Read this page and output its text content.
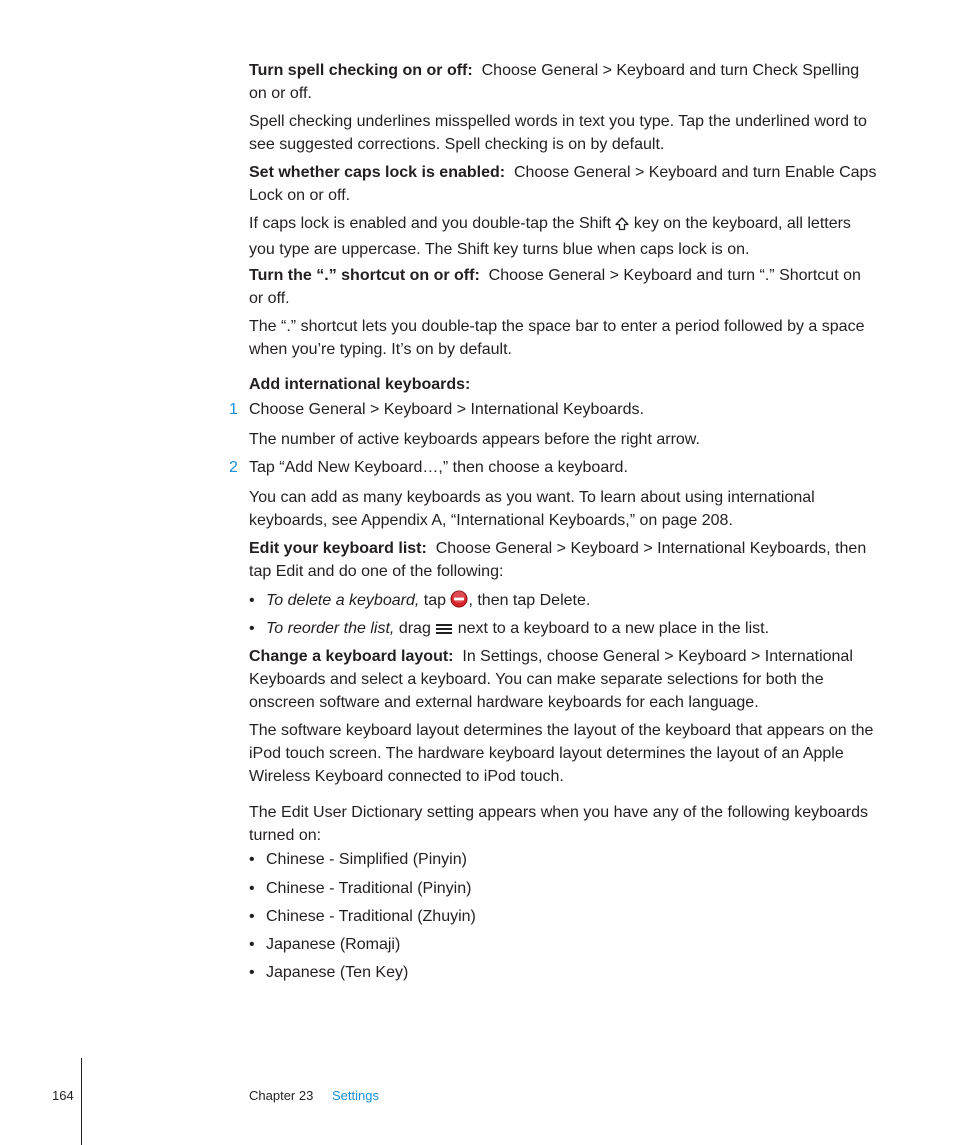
Turn spell checking on or off: Choose General > Keyboard and turn Check Spelling on or off.

Spell checking underlines misspelled words in text you type. Tap the underlined word to see suggested corrections. Spell checking is on by default.

Set whether caps lock is enabled: Choose General > Keyboard and turn Enable Caps Lock on or off.

If caps lock is enabled and you double-tap the Shift key on the keyboard, all letters you type are uppercase. The Shift key turns blue when caps lock is on.

Turn the “.” shortcut on or off: Choose General > Keyboard and turn “.” Shortcut on or off.

The “.” shortcut lets you double-tap the space bar to enter a period followed by a space when you’re typing. It’s on by default.

Add international keyboards:

1 Choose General > Keyboard > International Keyboards.

The number of active keyboards appears before the right arrow.

2 Tap “Add New Keyboard…,” then choose a keyboard.

You can add as many keyboards as you want. To learn about using international keyboards, see Appendix A, “International Keyboards,” on page 208.

Edit your keyboard list: Choose General > Keyboard > International Keyboards, then tap Edit and do one of the following:

• To delete a keyboard, tap , then tap Delete.
• To reorder the list, drag next to a keyboard to a new place in the list.

Change a keyboard layout: In Settings, choose General > Keyboard > International Keyboards and select a keyboard. You can make separate selections for both the onscreen software and external hardware keyboards for each language.

The software keyboard layout determines the layout of the keyboard that appears on the iPod touch screen. The hardware keyboard layout determines the layout of an Apple Wireless Keyboard connected to iPod touch.

The Edit User Dictionary setting appears when you have any of the following keyboards turned on:

• Chinese - Simplified (Pinyin)
• Chinese - Traditional (Pinyin)
• Chinese - Traditional (Zhuyin)
• Japanese (Romaji)
• Japanese (Ten Key)
164	Chapter 23 Settings
